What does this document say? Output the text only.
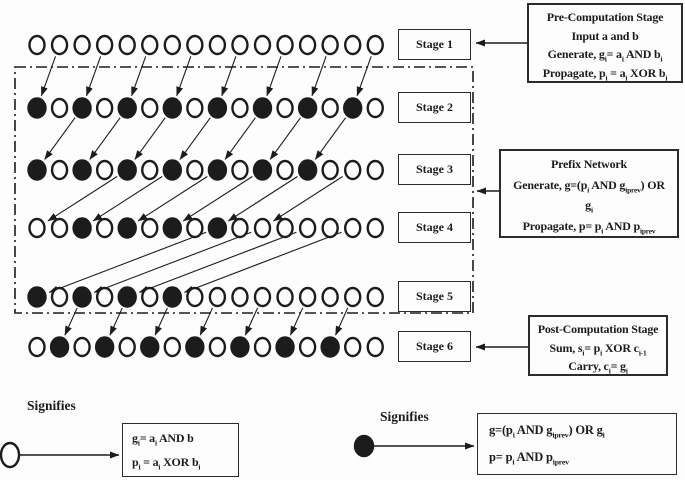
Stage 1
Stage 2
Stage 3
Stage 4
Stage 5
Stage 6
Pre-Computation Stage
Input a and b
Generate, $g_i= a_i$ AND $b_i$
Propagate, $p_i = a_i$ XOR $b_i$
Prefix Network
Generate, $g=(p_i$ AND $g_{iprev}$) OR
$g_i$
Propagate, $p= p_i$ AND $p_{iprev}$
Post-Computation Stage
Sum, $s_i= p_i$ XOR $c_{i-1}$
Carry, $c_i= g_i$
Signifies
$g_i= a_i$ AND b
$p_i = a_i$ XOR $b_i$
Signifies
$g=(p_i$ AND $g_{iprev}$) OR $g_i$
$p= p_i$ AND $p_{iprev}$
